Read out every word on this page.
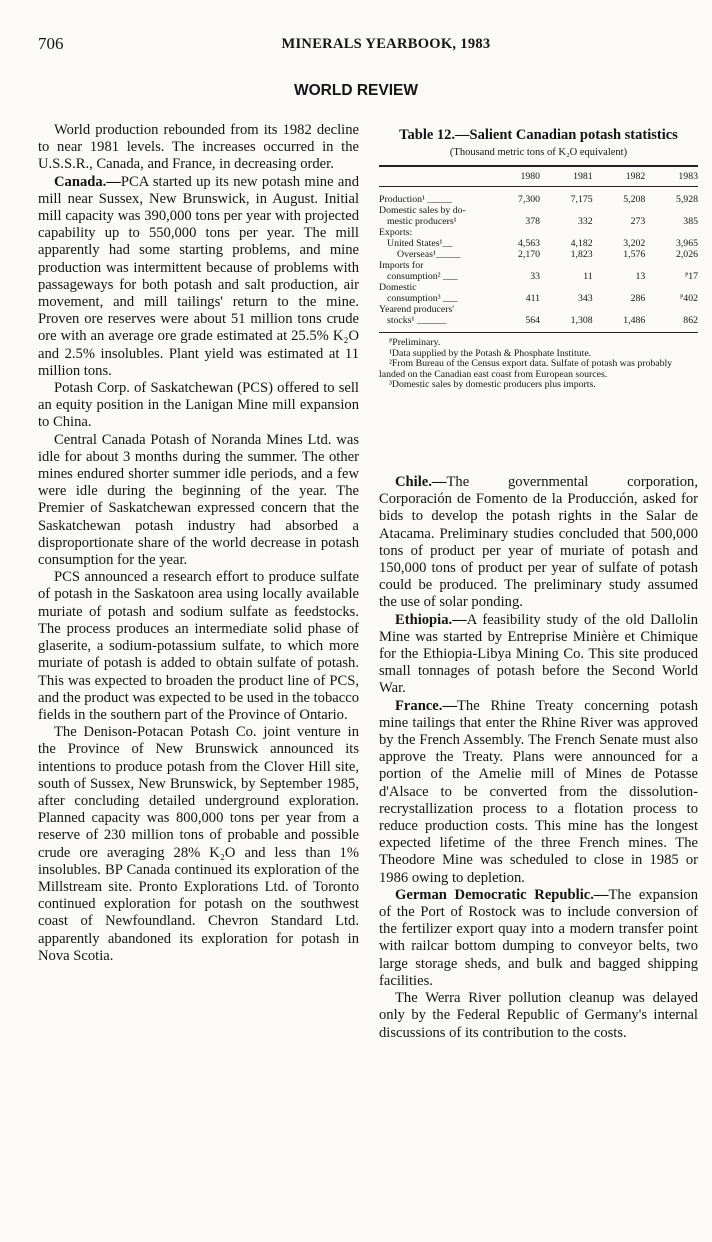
706	MINERALS YEARBOOK, 1983
WORLD REVIEW

World production rebounded from its 1982 decline to near 1981 levels. The increases occurred in the U.S.S.R., Canada, and France, in decreasing order.

Canada.—PCA started up its new potash mine and mill near Sussex, New Brunswick, in August. Initial mill capacity was 390,000 tons per year with projected capability up to 550,000 tons per year. The mill apparently had some starting problems, and mine production was intermittent because of problems with passageways for both potash and salt production, air movement, and mill tailings' return to the mine. Proven ore reserves were about 51 million tons crude ore with an average ore grade estimated at 25.5% K₂O and 2.5% insolubles. Plant yield was estimated at 11 million tons.

Potash Corp. of Saskatchewan (PCS) offered to sell an equity position in the Lanigan Mine mill expansion to China.

Central Canada Potash of Noranda Mines Ltd. was idle for about 3 months during the summer. The other mines endured shorter summer idle periods, and a few were idle during the beginning of the year. The Premier of Saskatchewan expressed concern that the Saskatchewan potash industry had absorbed a disproportionate share of the world decrease in potash consumption for the year.

PCS announced a research effort to produce sulfate of potash in the Saskatoon area using locally available muriate of potash and sodium sulfate as feedstocks. The process produces an intermediate solid phase of glaserite, a sodium-potassium sulfate, to which more muriate of potash is added to obtain sulfate of potash. This was expected to broaden the product line of PCS, and the product was expected to be used in the tobacco fields in the southern part of the Province of Ontario.

The Denison-Potacan Potash Co. joint venture in the Province of New Brunswick announced its intentions to produce potash from the Clover Hill site, south of Sussex, New Brunswick, by September 1985, after concluding detailed underground exploration. Planned capacity was 800,000 tons per year from a reserve of 230 million tons of probable and possible crude ore averaging 28% K₂O and less than 1% insolubles. BP Canada continued its exploration of the Millstream site. Pronto Explorations Ltd. of Toronto continued exploration for potash on the southwest coast of Newfoundland. Chevron Standard Ltd. apparently abandoned its exploration for potash in Nova Scotia.

Table 12.—Salient Canadian potash statistics
(Thousand metric tons of K₂O equivalent)
	1980	1981	1982	1983
Production¹ _____	7,300	7,175	5,208	5,928
Domestic sales by do-				
mestic producers¹	378	332	273	385
Exports:				
United States¹__	4,563	4,182	3,202	3,965
Overseas¹_____	2,170	1,823	1,576	2,026
Imports for				
consumption² ___	33	11	13	ᴾ17
Domestic				
consumption³ ___	411	343	286	ᴾ402
Yearend producers'				
stocks¹ ______	564	1,308	1,486	862
ᴾPreliminary.
¹Data supplied by the Potash & Phosphate Institute.
²From Bureau of the Census export data. Sulfate of potash was probably landed on the Canadian east coast from European sources.
³Domestic sales by domestic producers plus imports.

Chile.—The governmental corporation, Corporación de Fomento de la Producción, asked for bids to develop the potash rights in the Salar de Atacama. Preliminary studies concluded that 500,000 tons of product per year of muriate of potash and 150,000 tons of product per year of sulfate of potash could be produced. The preliminary study assumed the use of solar ponding.

Ethiopia.—A feasibility study of the old Dallolin Mine was started by Entreprise Minière et Chimique for the Ethiopia-Libya Mining Co. This site produced small tonnages of potash before the Second World War.

France.—The Rhine Treaty concerning potash mine tailings that enter the Rhine River was approved by the French Assembly. The French Senate must also approve the Treaty. Plans were announced for a portion of the Amelie mill of Mines de Potasse d'Alsace to be converted from the dissolution-recrystallization process to a flotation process to reduce production costs. This mine has the longest expected lifetime of the three French mines. The Theodore Mine was scheduled to close in 1985 or 1986 owing to depletion.

German Democratic Republic.—The expansion of the Port of Rostock was to include conversion of the fertilizer export quay into a modern transfer point with railcar bottom dumping to conveyor belts, two large storage sheds, and bulk and bagged shipping facilities.

The Werra River pollution cleanup was delayed only by the Federal Republic of Germany's internal discussions of its contribution to the costs.
